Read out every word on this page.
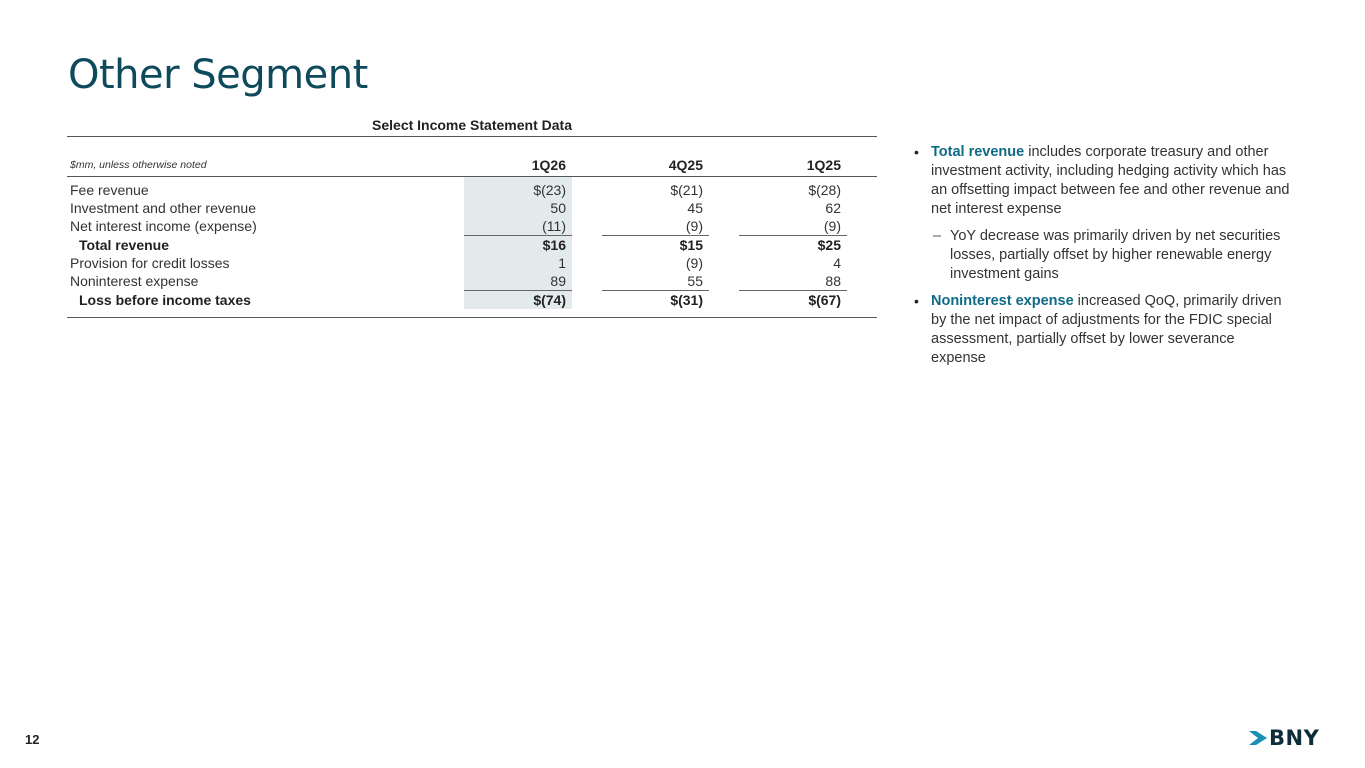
Other Segment
Select Income Statement Data
$mm, unless otherwise noted	1Q26		4Q25		1Q25	
Fee revenue	$(23)		$(21)		$(28)	
Investment and other revenue	50		45		62	
Net interest income (expense)	(11)		(9)		(9)	
Total revenue	$16		$15		$25	
Provision for credit losses	1		(9)		4	
Noninterest expense	89		55		88	
Loss before income taxes	$(74)		$(31)		$(67)	

• Total revenue includes corporate treasury and other investment activity, including hedging activity which has an offsetting impact between fee and other revenue and net interest expense
– YoY decrease was primarily driven by net securities losses, partially offset by higher renewable energy investment gains
• Noninterest expense increased QoQ, primarily driven by the net impact of adjustments for the FDIC special assessment, partially offset by lower severance expense
12	BNY
